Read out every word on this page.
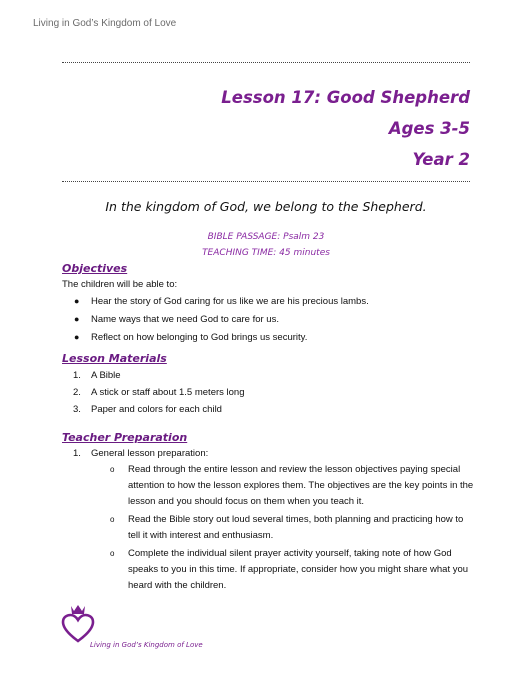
Living in God’s Kingdom of Love
Lesson 17: Good Shepherd
Ages 3-5
Year 2
In the kingdom of God, we belong to the Shepherd.
BIBLE PASSAGE: Psalm 23
TEACHING TIME: 45 minutes
Objectives
The children will be able to:
● Hear the story of God caring for us like we are his precious lambs.
● Name ways that we need God to care for us.
● Reflect on how belonging to God brings us security.
Lesson Materials
1. A Bible
2. A stick or staff about 1.5 meters long
3. Paper and colors for each child
Teacher Preparation
1. General lesson preparation:
o Read through the entire lesson and review the lesson objectives paying special attention to how the lesson explores them. The objectives are the key points in the lesson and you should focus on them when you teach it.
o Read the Bible story out loud several times, both planning and practicing how to tell it with interest and enthusiasm.
o Complete the individual silent prayer activity yourself, taking note of how God speaks to you in this time. If appropriate, consider how you might share what you heard with the children.
Living in God’s Kingdom of Love
